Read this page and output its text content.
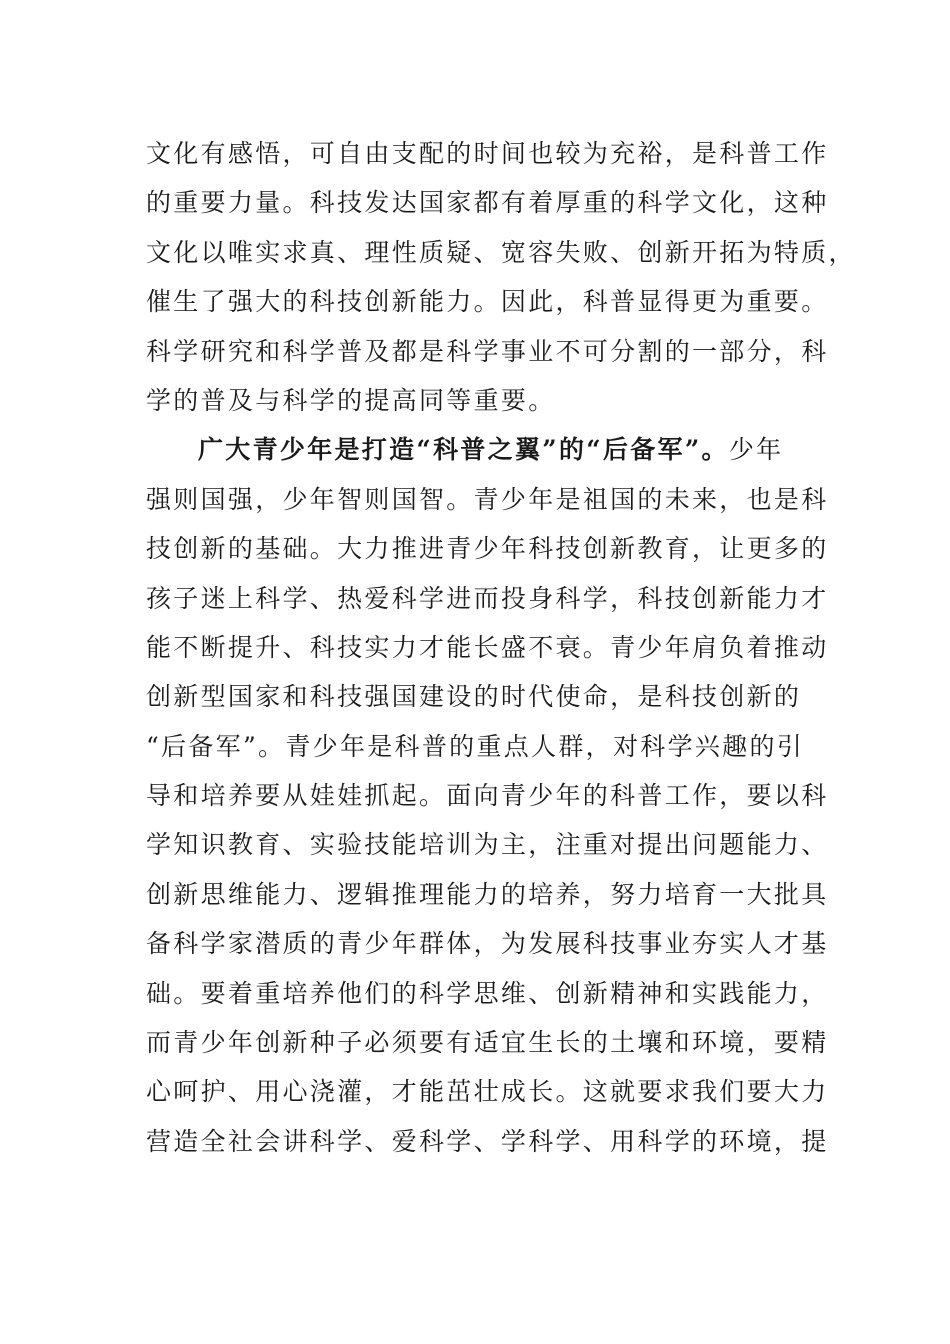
文化有感悟，可自由支配的时间也较为充裕，是科普工作
的重要力量。科技发达国家都有着厚重的科学文化，这种
文化以唯实求真、理性质疑、宽容失败、创新开拓为特质，
催生了强大的科技创新能力。因此，科普显得更为重要。
科学研究和科学普及都是科学事业不可分割的一部分，科
学的普及与科学的提高同等重要。
广大青少年是打造“科普之翼”的“后备军”。少年
强则国强，少年智则国智。青少年是祖国的未来，也是科
技创新的基础。大力推进青少年科技创新教育，让更多的
孩子迷上科学、热爱科学进而投身科学，科技创新能力才
能不断提升、科技实力才能长盛不衰。青少年肩负着推动
创新型国家和科技强国建设的时代使命，是科技创新的
“后备军”。青少年是科普的重点人群，对科学兴趣的引
导和培养要从娃娃抓起。面向青少年的科普工作，要以科
学知识教育、实验技能培训为主，注重对提出问题能力、
创新思维能力、逻辑推理能力的培养，努力培育一大批具
备科学家潜质的青少年群体，为发展科技事业夯实人才基
础。要着重培养他们的科学思维、创新精神和实践能力，
而青少年创新种子必须要有适宜生长的土壤和环境，要精
心呵护、用心浇灌，才能茁壮成长。这就要求我们要大力
营造全社会讲科学、爱科学、学科学、用科学的环境，提
